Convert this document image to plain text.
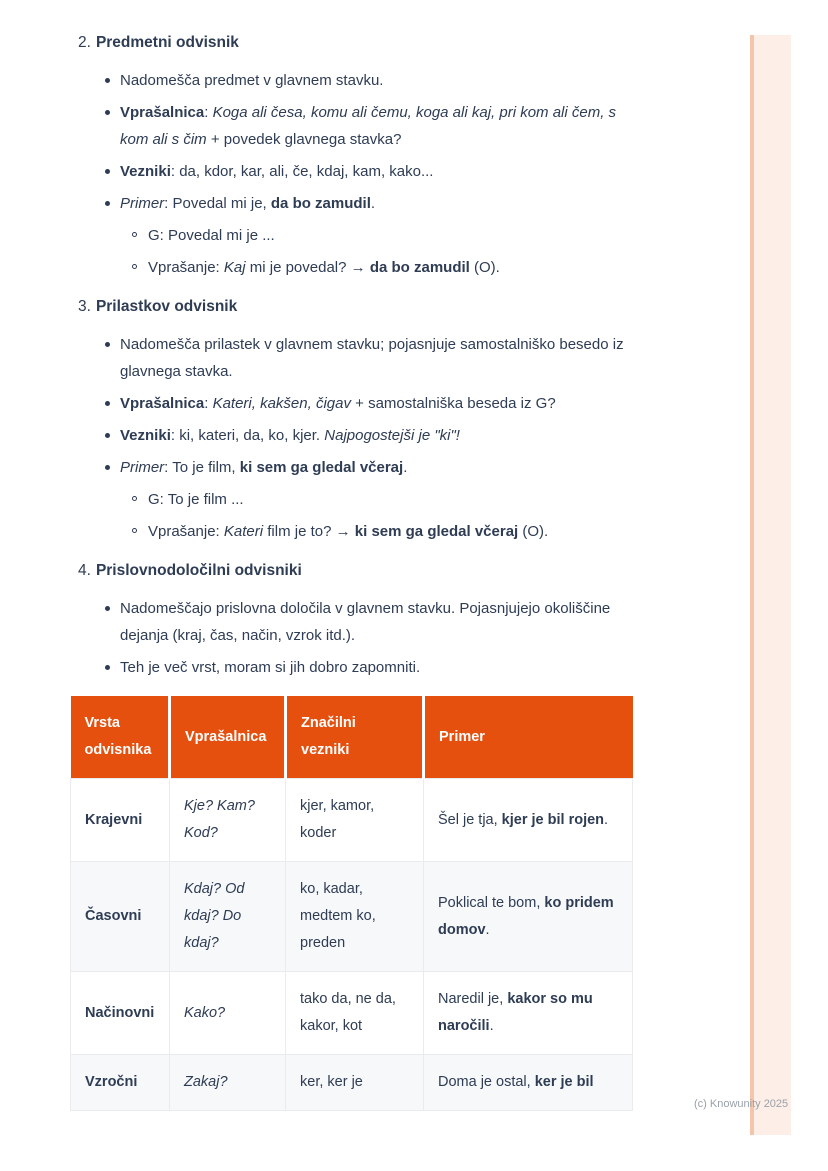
2. Predmetni odvisnik
Nadomešča predmet v glavnem stavku.
Vprašalnica: Koga ali česa, komu ali čemu, koga ali kaj, pri kom ali čem, s kom ali s čim + povedek glavnega stavka?
Vezniki: da, kdor, kar, ali, če, kdaj, kam, kako...
Primer: Povedal mi je, da bo zamudil.
G: Povedal mi je ...
Vprašanje: Kaj mi je povedal? → da bo zamudil (O).
3. Prilastkov odvisnik
Nadomešča prilastek v glavnem stavku; pojasnjuje samostalniško besedo iz glavnega stavka.
Vprašalnica: Kateri, kakšen, čigav + samostalniška beseda iz G?
Vezniki: ki, kateri, da, ko, kjer. Najpogostejši je "ki"!
Primer: To je film, ki sem ga gledal včeraj.
G: To je film ...
Vprašanje: Kateri film je to? → ki sem ga gledal včeraj (O).
4. Prislovnodoločilni odvisniki
Nadomeščajo prislovna določila v glavnem stavku. Pojasnjujejo okoliščine dejanja (kraj, čas, način, vzrok itd.).
Teh je več vrst, moram si jih dobro zapomniti.
Vrsta odvisnika	Vprašalnica	Značilni vezniki	Primer
Krajevni	Kje? Kam? Kod?	kjer, kamor, koder	Šel je tja, kjer je bil rojen.
Časovni	Kdaj? Od kdaj? Do kdaj?	ko, kadar, medtem ko, preden	Poklical te bom, ko pridem domov.
Načinovni	Kako?	tako da, ne da, kakor, kot	Naredil je, kakor so mu naročili.
Vzročni	Zakaj?	ker, ker je	Doma je ostal, ker je bil
(c) Knowunity 2025
